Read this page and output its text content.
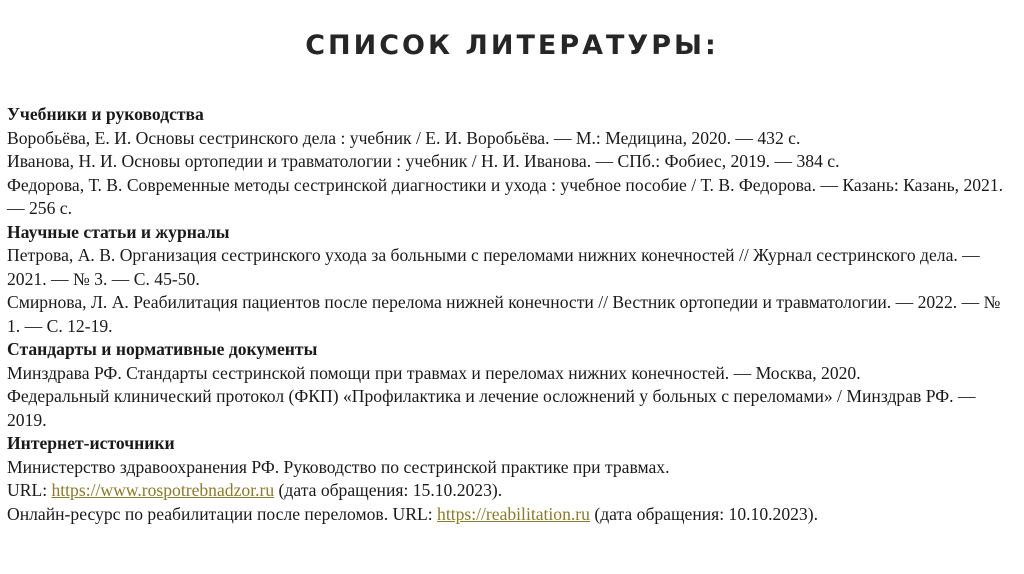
СПИСОК ЛИТЕРАТУРЫ:
Учебники и руководства

Воробьёва, Е. И. Основы сестринского дела : учебник / Е. И. Воробьёва. — М.: Медицина, 2020. — 432 с.

Иванова, Н. И. Основы ортопедии и травматологии : учебник / Н. И. Иванова. — СПб.: Фобиес, 2019. — 384 с.

Федорова, Т. В. Современные методы сестринской диагностики и ухода : учебное пособие / Т. В. Федорова. — Казань: Казань, 2021. — 256 с.

Научные статьи и журналы

Петрова, А. В. Организация сестринского ухода за больными с переломами нижних конечностей // Журнал сестринского дела. — 2021. — № 3. — С. 45-50.

Смирнова, Л. А. Реабилитация пациентов после перелома нижней конечности // Вестник ортопедии и травматологии. — 2022. — № 1. — С. 12-19.

Стандарты и нормативные документы

Минздрава РФ. Стандарты сестринской помощи при травмах и переломах нижних конечностей. — Москва, 2020.

Федеральный клинический протокол (ФКП) «Профилактика и лечение осложнений у больных с переломами» / Минздрав РФ. — 2019.

Интернет-источники

Министерство здравоохранения РФ. Руководство по сестринской практике при травмах.
URL: https://www.rospotrebnadzor.ru (дата обращения: 15.10.2023).

Онлайн-ресурс по реабилитации после переломов. URL: https://reabilitation.ru (дата обращения: 10.10.2023).
